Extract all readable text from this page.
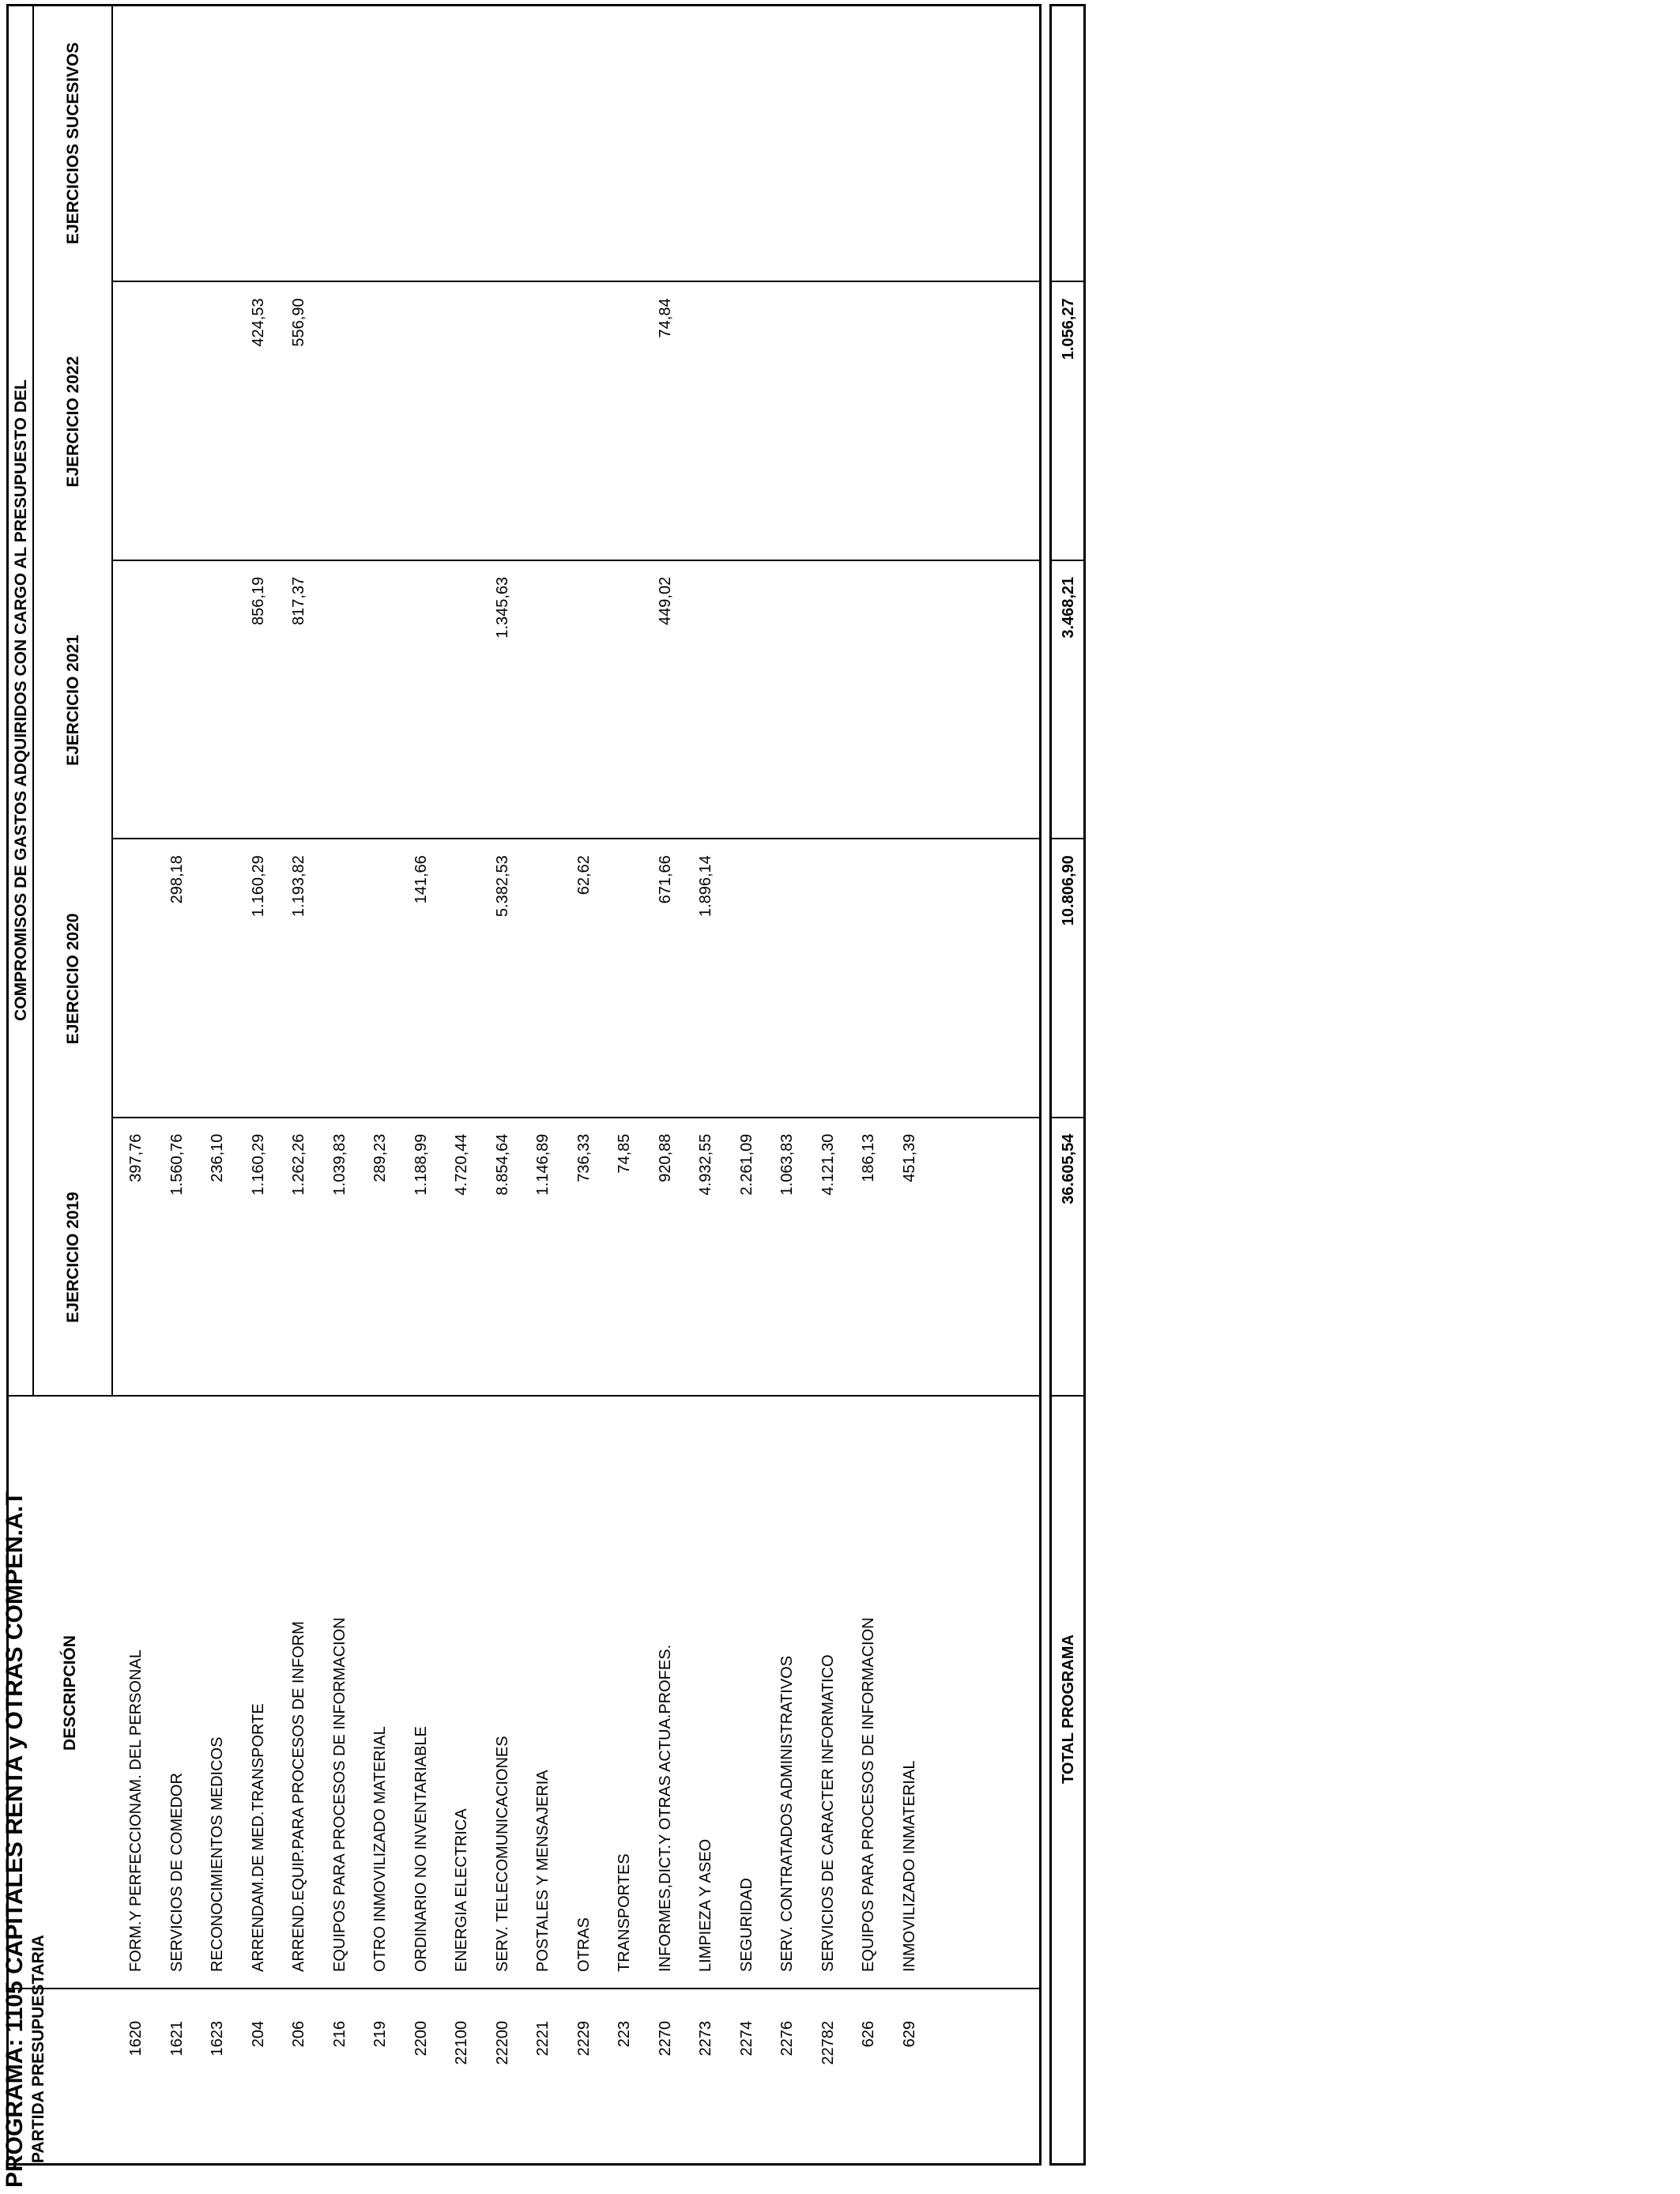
PROGRAMA: 1105 CAPITALES RENTA y OTRAS COMPEN.A.T PARTIDA PRESUPUESTARIA
DESCRIPCIÓN
COMPROMISOS DE GASTOS ADQUIRIDOS CON CARGO AL PRESUPUESTO DEL
EJERCICIO 2019
EJERCICIO 2020
EJERCICIO 2021
EJERCICIO 2022
1620
FORM.Y PERFECCIONAM. DEL PERSONAL
397,76
1621
SERVICIOS DE COMEDOR
1.560,76
298,18
1623
RECONOCIMIENTOS MEDICOS
236,10
204
ARRENDAM.DE MED.TRANSPORTE
1.160,29
1.160,29
856,19
424,53
206
ARREND.EQUIP.PARA PROCESOS DE INFORM
1.262,26
1.193,82
817,37
556,90
216
EQUIPOS PARA PROCESOS DE INFORMACION
1.039,83
219
OTRO INMOVILIZADO MATERIAL
289,23
2200
ORDINARIO NO INVENTARIABLE
1.188,99
141,66
22100
ENERGIA ELECTRICA
4.720,44
22200
SERV. TELECOMUNICACIONES
8.854,64
5.382,53
1.345,63
2221
POSTALES Y MENSAJERIA
1.146,89
2229
OTRAS
736,33
62,62
223
TRANSPORTES
74,85
2270
INFORMES,DICT.Y OTRAS ACTUA.PROFES.
920,88
671,66
449,02
74,84
2273
LIMPIEZA Y ASEO
4.932,55
1.896,14
2274
SEGURIDAD
2.261,09
2276
SERV. CONTRATADOS ADMINISTRATIVOS
1.063,83
22782
SERVICIOS DE CARACTER INFORMATICO
4.121,30
626
EQUIPOS PARA PROCESOS DE INFORMACION
186,13
629
INMOVILIZADO INMATERIAL
451,39
EJERCICIOS SUCESIVOS
TOTAL PROGRAMA
36.605,54
10.806,90
3.468,21
1.056,27
